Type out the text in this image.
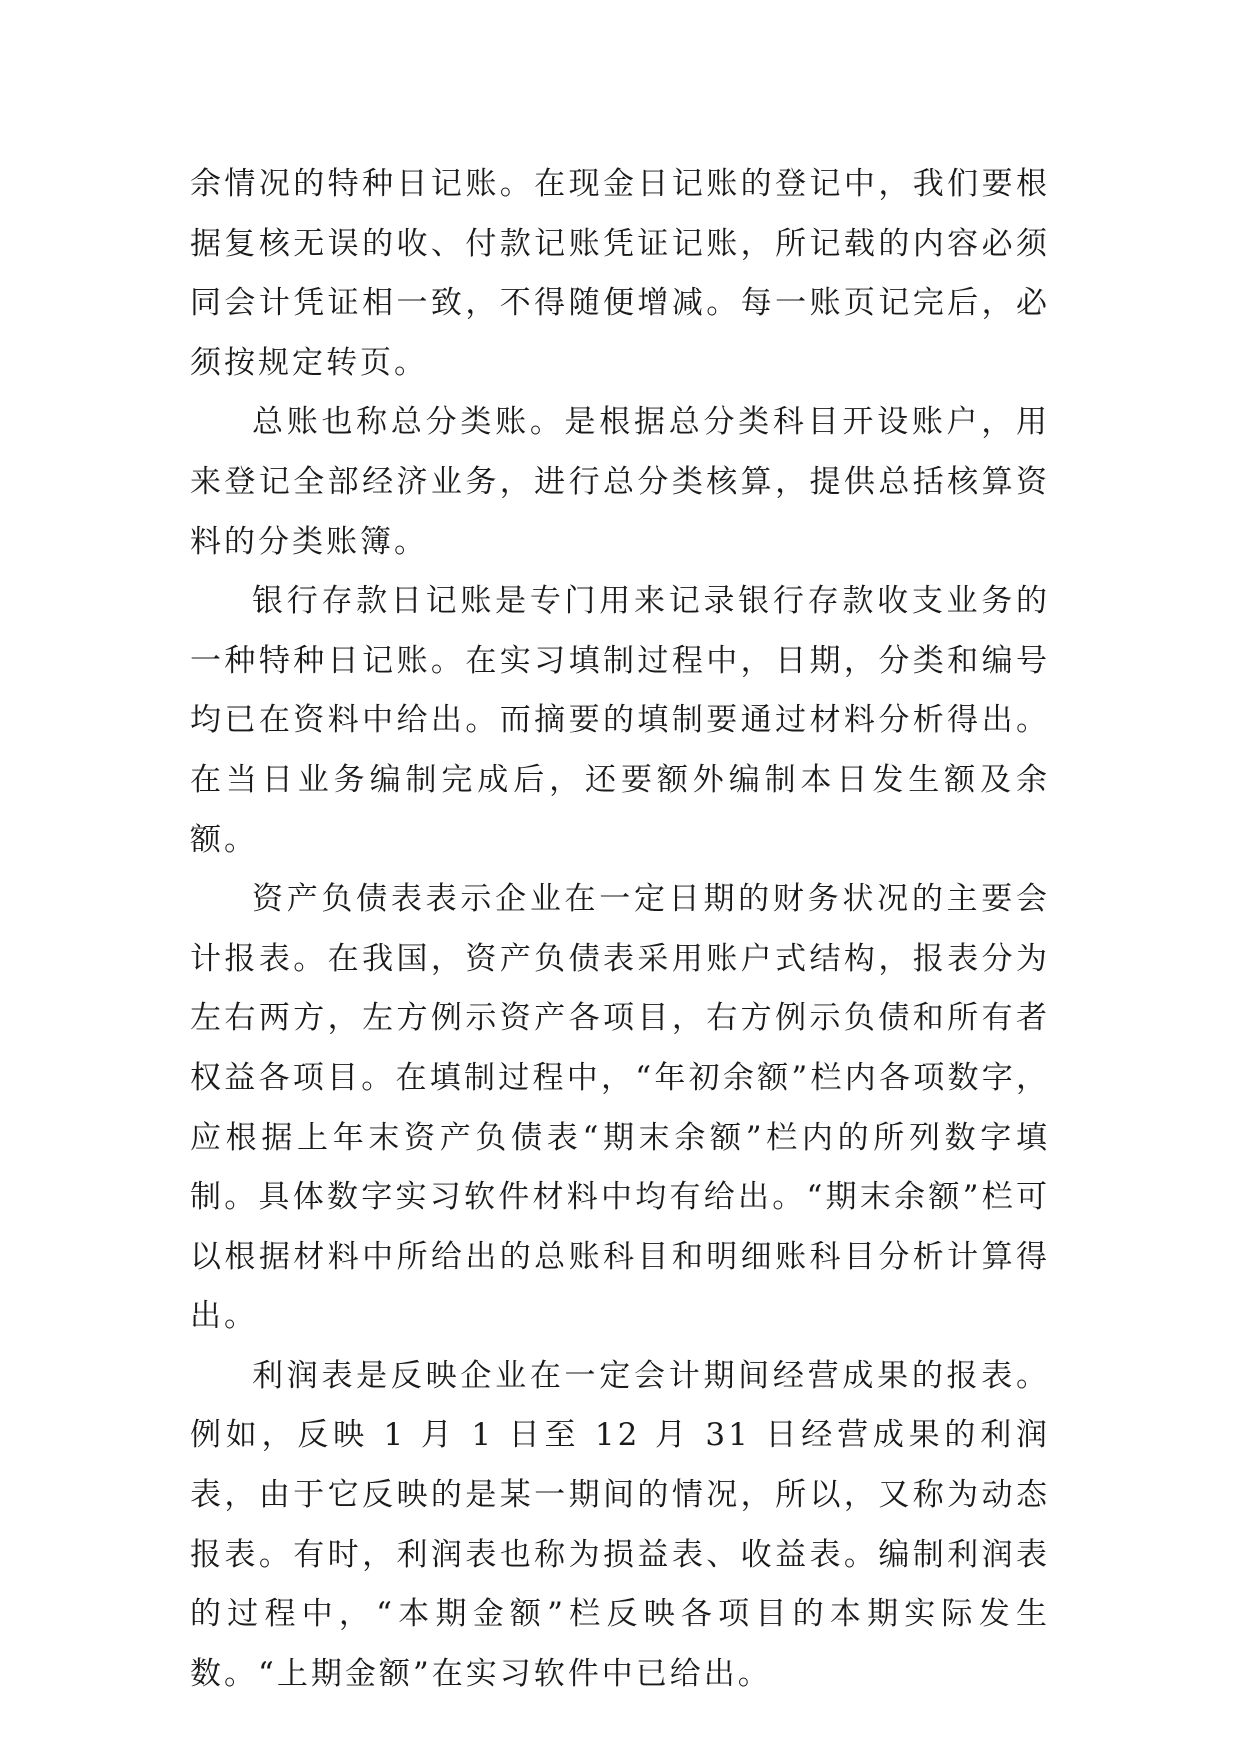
余情况的特种日记账。在现金日记账的登记中，我们要根据复核无误的收、付款记账凭证记账，所记载的内容必须同会计凭证相一致，不得随便增减。每一账页记完后，必须按规定转页。

总账也称总分类账。是根据总分类科目开设账户，用来登记全部经济业务，进行总分类核算，提供总括核算资料的分类账簿。

银行存款日记账是专门用来记录银行存款收支业务的一种特种日记账。在实习填制过程中，日期，分类和编号均已在资料中给出。而摘要的填制要通过材料分析得出。在当日业务编制完成后，还要额外编制本日发生额及余额。

资产负债表表示企业在一定日期的财务状况的主要会计报表。在我国，资产负债表采用账户式结构，报表分为左右两方，左方例示资产各项目，右方例示负债和所有者权益各项目。在填制过程中，“年初余额”栏内各项数字，应根据上年末资产负债表“期末余额”栏内的所列数字填制。具体数字实习软件材料中均有给出。“期末余额”栏可以根据材料中所给出的总账科目和明细账科目分析计算得出。

利润表是反映企业在一定会计期间经营成果的报表。例如，反映 1 月 1 日至 12 月 31 日经营成果的利润表，由于它反映的是某一期间的情况，所以，又称为动态报表。有时，利润表也称为损益表、收益表。编制利润表的过程中，“本期金额”栏反映各项目的本期实际发生数。“上期金额”在实习软件中已给出。
